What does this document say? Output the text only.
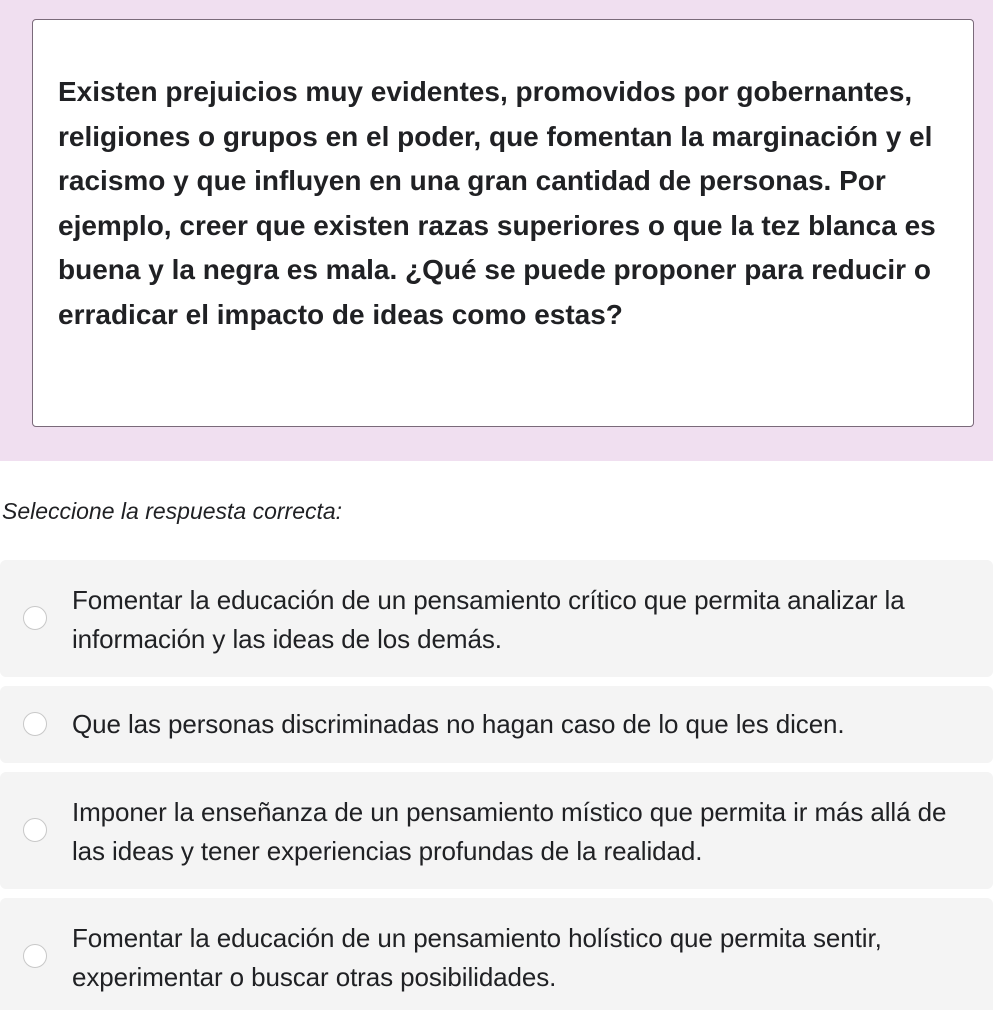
Existen prejuicios muy evidentes, promovidos por gobernantes, religiones o grupos en el poder, que fomentan la marginación y el racismo y que influyen en una gran cantidad de personas. Por ejemplo, creer que existen razas superiores o que la tez blanca es buena y la negra es mala. ¿Qué se puede proponer para reducir o erradicar el impacto de ideas como estas?

Seleccione la respuesta correcta:

Fomentar la educación de un pensamiento crítico que permita analizar la información y las ideas de los demás.

Que las personas discriminadas no hagan caso de lo que les dicen.

Imponer la enseñanza de un pensamiento místico que permita ir más allá de las ideas y tener experiencias profundas de la realidad.

Fomentar la educación de un pensamiento holístico que permita sentir, experimentar o buscar otras posibilidades.
